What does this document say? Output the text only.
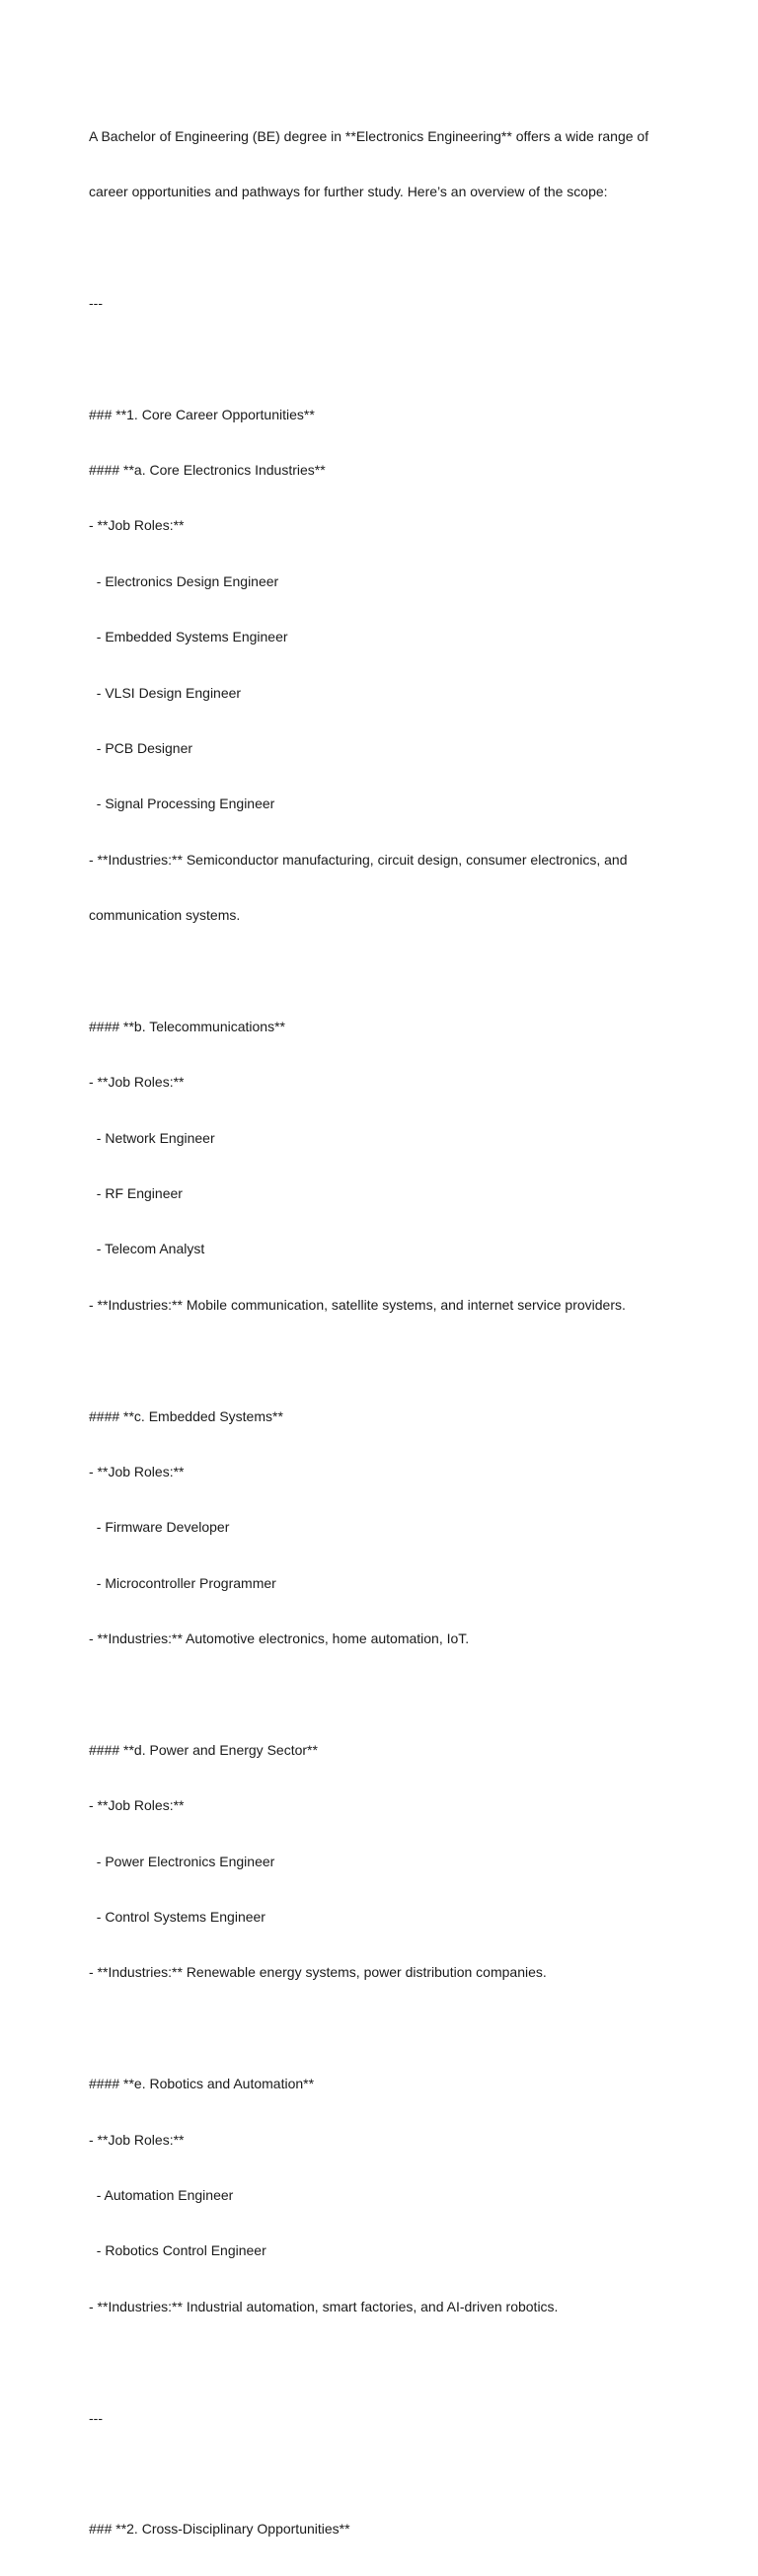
A Bachelor of Engineering (BE) degree in **Electronics Engineering** offers a wide range of

career opportunities and pathways for further study. Here’s an overview of the scope:

---

### **1. Core Career Opportunities**

#### **a. Core Electronics Industries**

- **Job Roles:**

- Electronics Design Engineer

- Embedded Systems Engineer

- VLSI Design Engineer

- PCB Designer

- Signal Processing Engineer

- **Industries:** Semiconductor manufacturing, circuit design, consumer electronics, and

communication systems.

#### **b. Telecommunications**

- **Job Roles:**

- Network Engineer

- RF Engineer

- Telecom Analyst

- **Industries:** Mobile communication, satellite systems, and internet service providers.

#### **c. Embedded Systems**

- **Job Roles:**

- Firmware Developer

- Microcontroller Programmer

- **Industries:** Automotive electronics, home automation, IoT.

#### **d. Power and Energy Sector**

- **Job Roles:**

- Power Electronics Engineer

- Control Systems Engineer

- **Industries:** Renewable energy systems, power distribution companies.

#### **e. Robotics and Automation**

- **Job Roles:**

- Automation Engineer

- Robotics Control Engineer

- **Industries:** Industrial automation, smart factories, and AI-driven robotics.

---

### **2. Cross-Disciplinary Opportunities**
